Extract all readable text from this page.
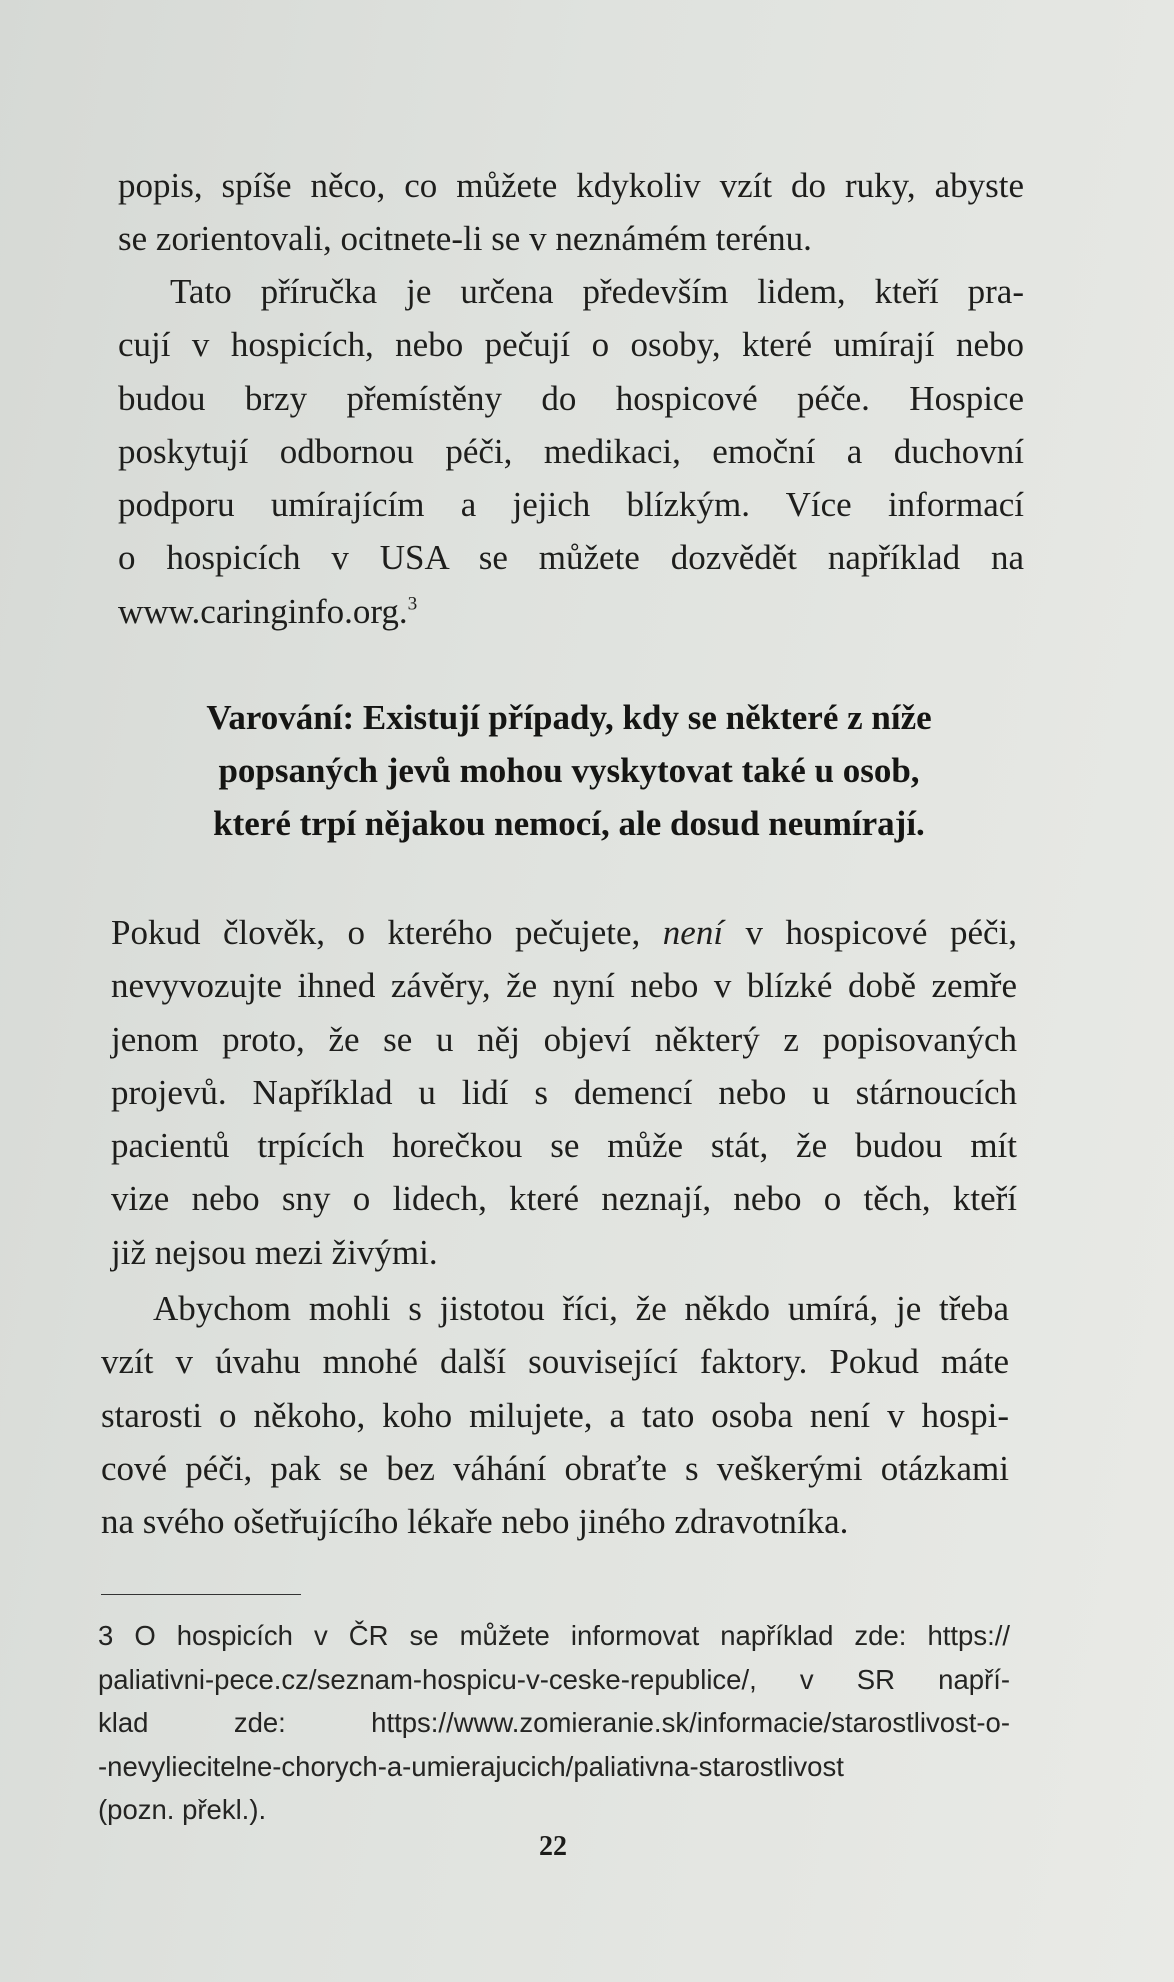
popis, spíše něco, co můžete kdykoliv vzít do ruky, abyste
se zorientovali, ocitnete-li se v neznámém terénu.

Tato příručka je určena především lidem, kteří pra-
cují v hospicích, nebo pečují o osoby, které umírají nebo
budou brzy přemístěny do hospicové péče. Hospice
poskytují odbornou péči, medikaci, emoční a duchovní
podporu umírajícím a jejich blízkým. Více informací
o hospicích v USA se můžete dozvědět například na
www.caringinfo.org.$^3$

Varování: Existují případy, kdy se některé z níže
popsaných jevů mohou vyskytovat také u osob,
které trpí nějakou nemocí, ale dosud neumírají.

Pokud člověk, o kterého pečujete, není v hospicové péči,
nevyvozujte ihned závěry, že nyní nebo v blízké době zemře
jenom proto, že se u něj objeví některý z popisovaných
projevů. Například u lidí s demencí nebo u stárnoucích
pacientů trpících horečkou se může stát, že budou mít
vize nebo sny o lidech, které neznají, nebo o těch, kteří
již nejsou mezi živými.

Abychom mohli s jistotou říci, že někdo umírá, je třeba
vzít v úvahu mnohé další související faktory. Pokud máte
starosti o někoho, koho milujete, a tato osoba není v hospi-
cové péči, pak se bez váhání obraťte s veškerými otázkami
na svého ošetřujícího lékaře nebo jiného zdravotníka.

3 O hospicích v ČR se můžete informovat například zde: https://
paliativni-pece.cz/seznam-hospicu-v-ceske-republice/, v SR napří-
klad zde: https://www.zomieranie.sk/informacie/starostlivost-o-
-nevyliecitelne-chorych-a-umierajucich/paliativna-starostlivost
(pozn. překl.).
22
